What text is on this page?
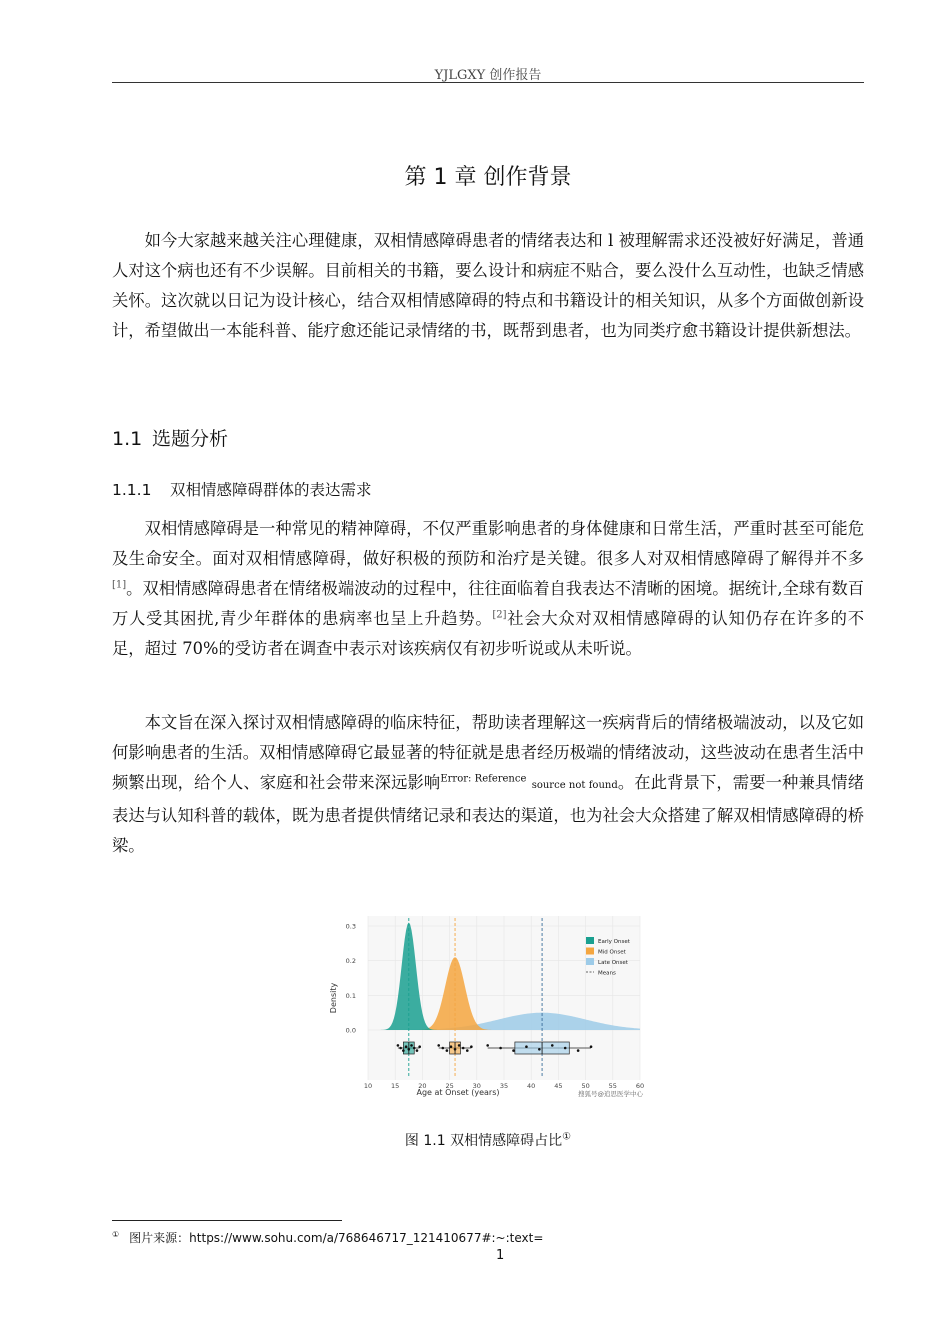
YJLGXY 创作报告
第 1 章 创作背景

如今大家越来越关注心理健康，双相情感障碍患者的情绪表达和 l 被理解需求还没被好好满足，普通人对这个病也还有不少误解。目前相关的书籍，要么设计和病症不贴合，要么没什么互动性，也缺乏情感关怀。这次就以日记为设计核心，结合双相情感障碍的特点和书籍设计的相关知识，从多个方面做创新设计，希望做出一本能科普、能疗愈还能记录情绪的书，既帮到患者，也为同类疗愈书籍设计提供新想法。

1.1 选题分析
1.1.1 双相情感障碍群体的表达需求

双相情感障碍是一种常见的精神障碍，不仅严重影响患者的身体健康和日常生活，严重时甚至可能危及生命安全。面对双相情感障碍，做好积极的预防和治疗是关键。很多人对双相情感障碍了解得并不多[1]。双相情感障碍患者在情绪极端波动的过程中，往往面临着自我表达不清晰的困境。据统计,全球有数百万人受其困扰,青少年群体的患病率也呈上升趋势。[2]社会大众对双相情感障碍的认知仍存在许多的不足，超过 70%的受访者在调查中表示对该疾病仅有初步听说或从未听说。

本文旨在深入探讨双相情感障碍的临床特征，帮助读者理解这一疾病背后的情绪极端波动，以及它如何影响患者的生活。双相情感障碍它最显著的特征就是患者经历极端的情绪波动，这些波动在患者生活中频繁出现，给个人、家庭和社会带来深远影响$^{Error: Reference}$ source not found。在此背景下，需要一种兼具情绪表达与认知科普的载体，既为患者提供情绪记录和表达的渠道，也为社会大众搭建了解双相情感障碍的桥梁。

10	15	20	25	30	35	40	45	50	55	60
0.0
0.1
0.2
0.3
Early Onset
Mid Onset
Late Onset
Means
Density
Age at Onset (years)	搜狐号@追思医学中心
图 1.1 双相情感障碍占比①
① 图片来源：https://www.sohu.com/a/768646717_121410677#:~:text=
1
